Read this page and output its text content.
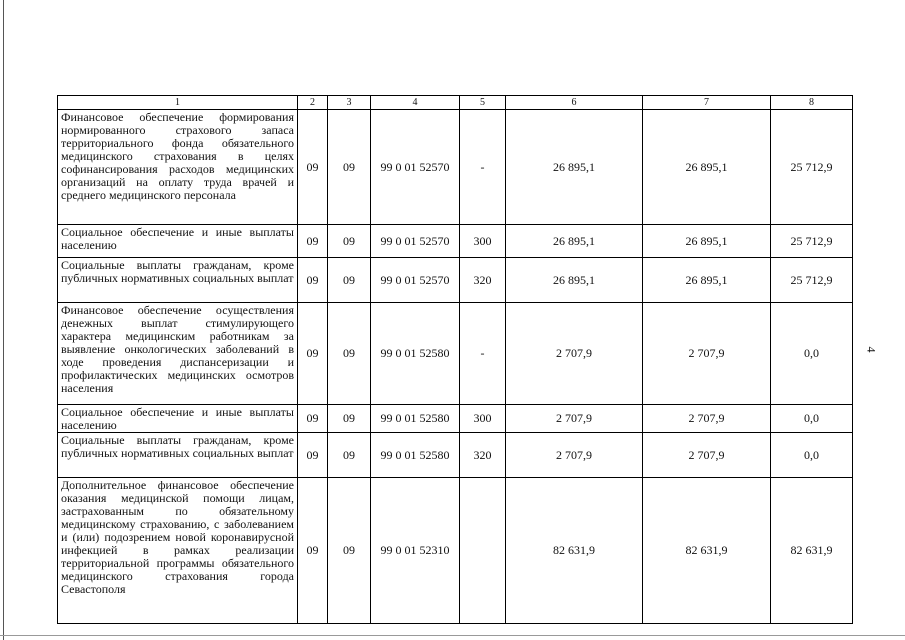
4
1	2	3	4	5	6	7	8
Финансовое обеспечение формирования нормированного страхового запаса территориального фонда обязательного медицинского страхования в целях софинансирования расходов медицинских организаций на оплату труда врачей и среднего медицинского персонала	09	09	99 0 01 52570	-	26 895,1	26 895,1	25 712,9
Социальное обеспечение и иные выплаты населению	09	09	99 0 01 52570	300	26 895,1	26 895,1	25 712,9
Социальные выплаты гражданам, кроме публичных нормативных социальных выплат	09	09	99 0 01 52570	320	26 895,1	26 895,1	25 712,9
Финансовое обеспечение осуществления денежных выплат стимулирующего характера медицинским работникам за выявление онкологических заболеваний в ходе проведения диспансеризации и профилактических медицинских осмотров населения	09	09	99 0 01 52580	-	2 707,9	2 707,9	0,0
Социальное обеспечение и иные выплаты населению	09	09	99 0 01 52580	300	2 707,9	2 707,9	0,0
Социальные выплаты гражданам, кроме публичных нормативных социальных выплат	09	09	99 0 01 52580	320	2 707,9	2 707,9	0,0
Дополнительное финансовое обеспечение оказания медицинской помощи лицам, застрахованным по обязательному медицинскому страхованию, с заболеванием и (или) подозрением новой коронавирусной инфекцией в рамках реализации территориальной программы обязательного медицинского страхования города Севастополя	09	09	99 0 01 52310		82 631,9	82 631,9	82 631,9
